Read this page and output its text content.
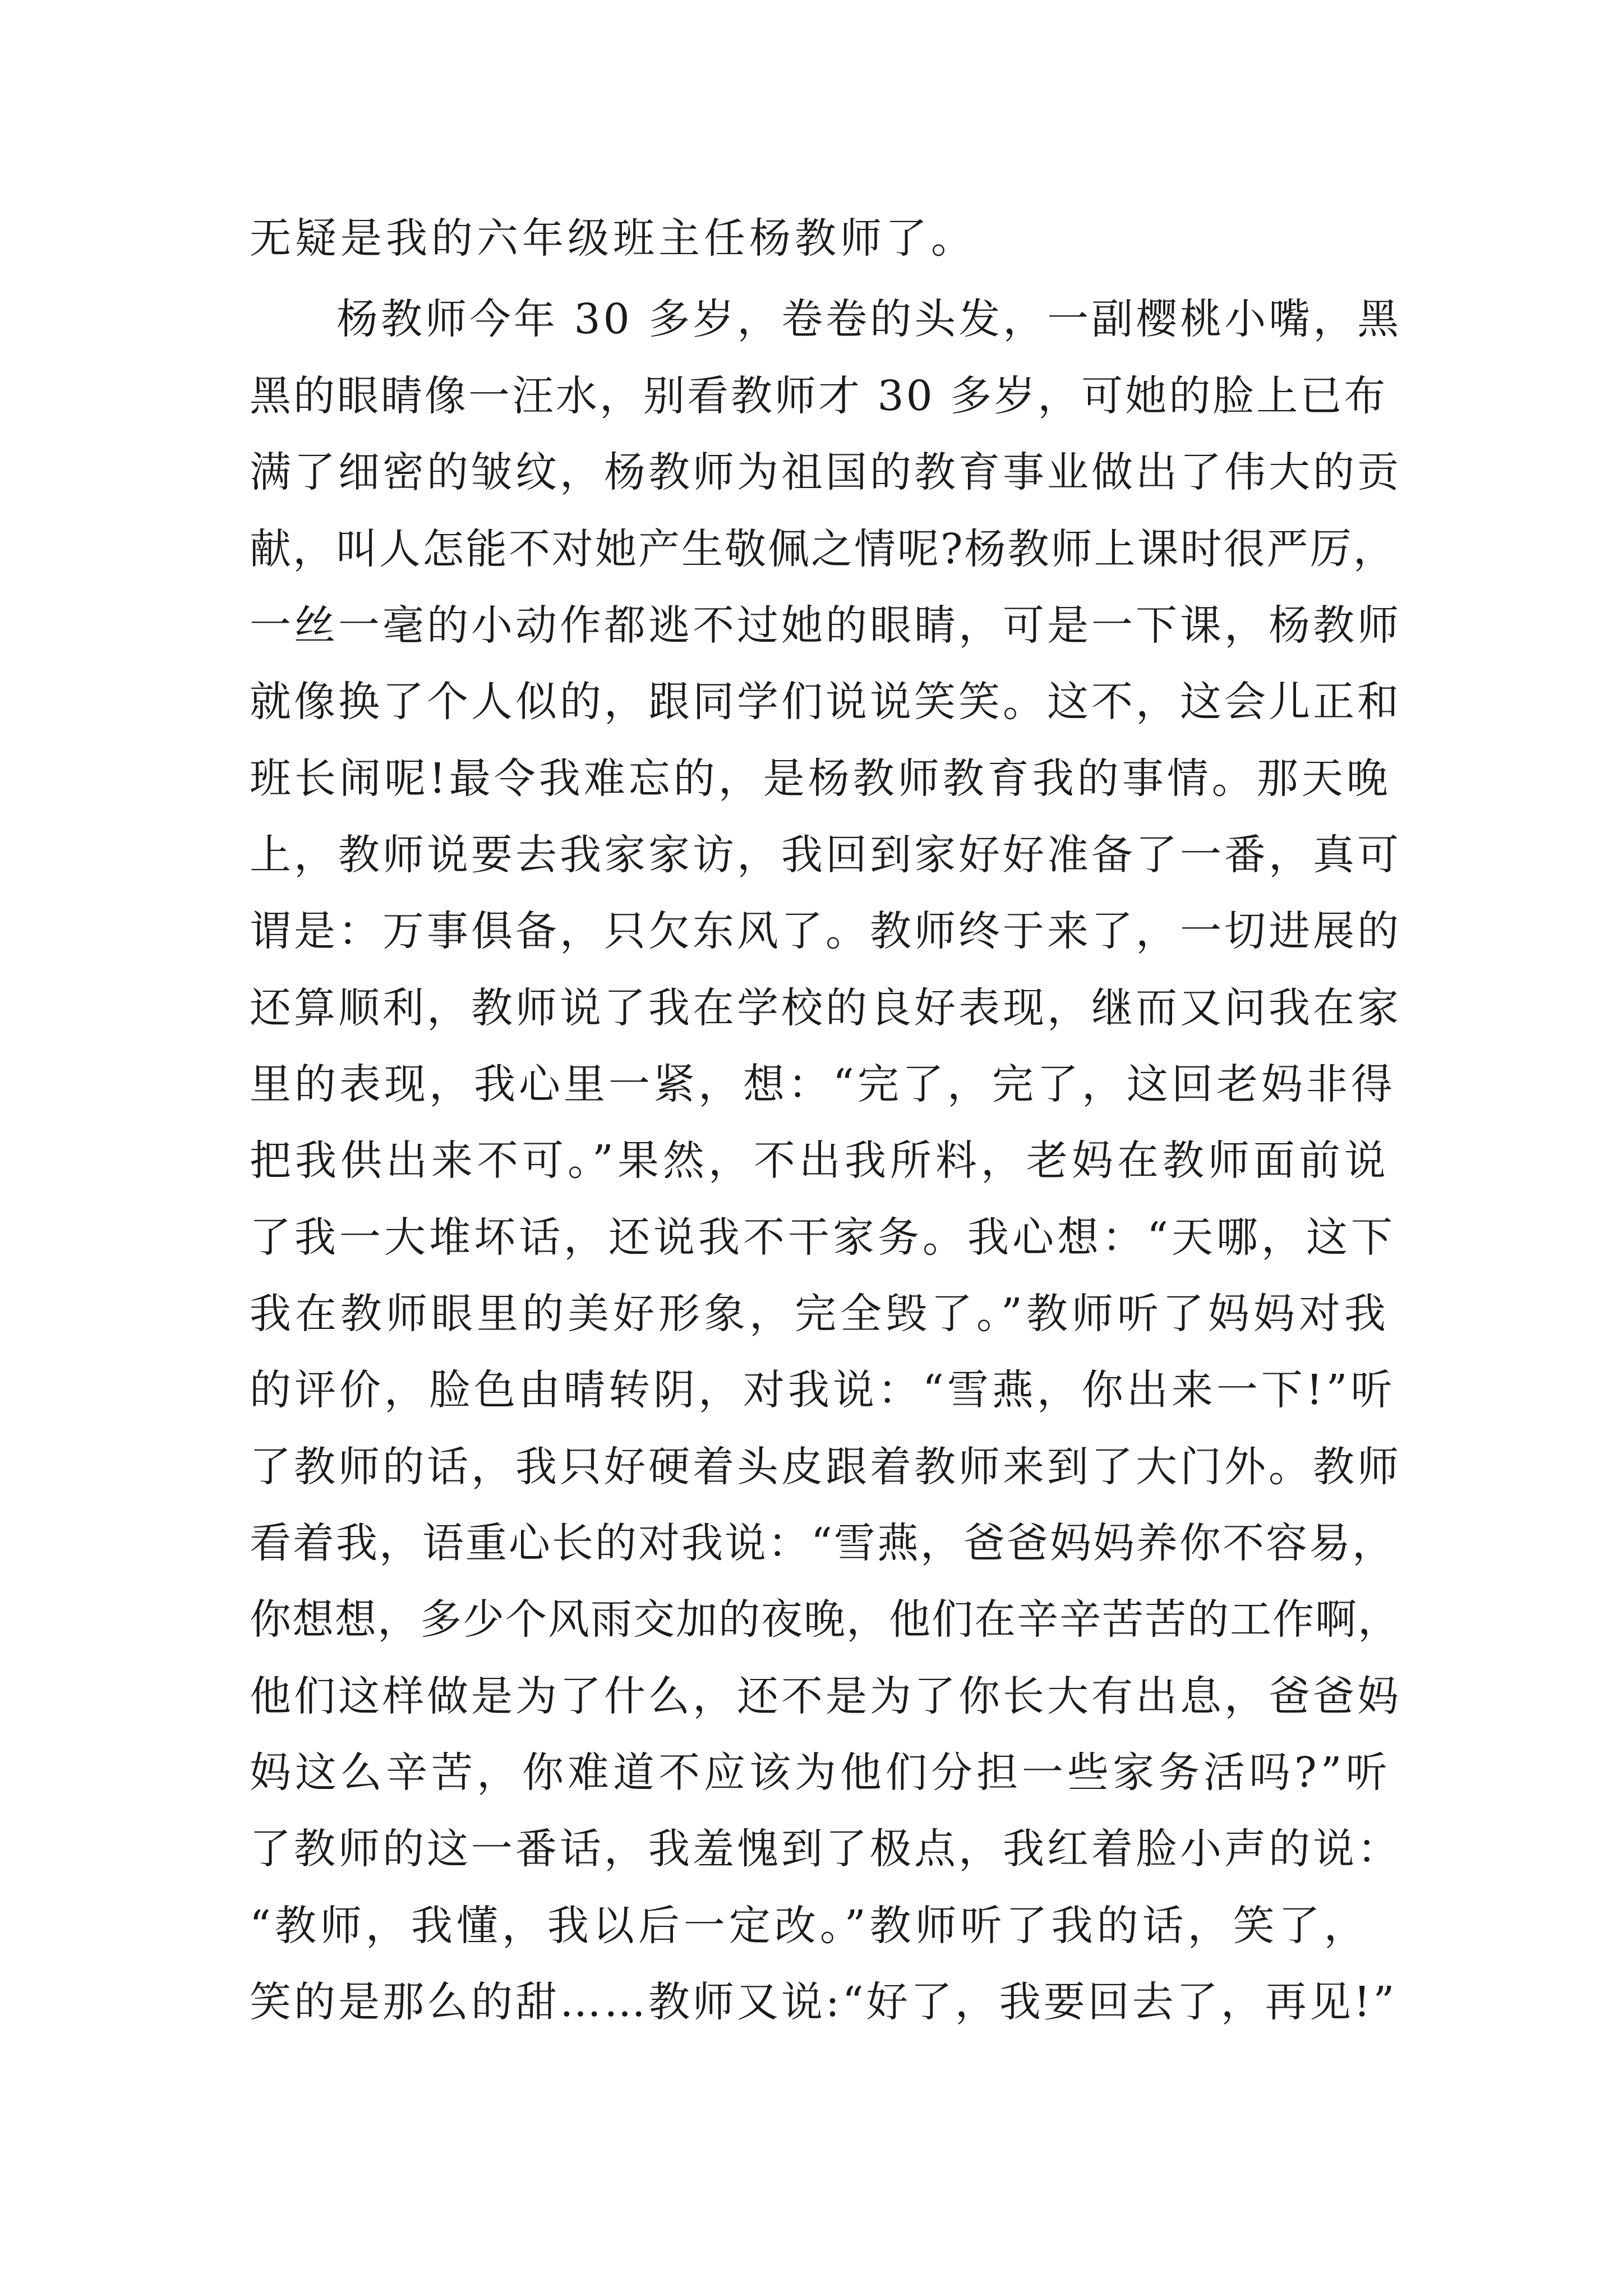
无疑是我的六年级班主任杨教师了。
杨教师今年 30 多岁，卷卷的头发，一副樱桃小嘴，黑
黑的眼睛像一汪水，别看教师才 30 多岁，可她的脸上已布
满了细密的皱纹，杨教师为祖国的教育事业做出了伟大的贡
献，叫人怎能不对她产生敬佩之情呢?杨教师上课时很严厉，
一丝一毫的小动作都逃不过她的眼睛，可是一下课，杨教师
就像换了个人似的，跟同学们说说笑笑。这不，这会儿正和
班长闹呢!最令我难忘的，是杨教师教育我的事情。那天晚
上，教师说要去我家家访，我回到家好好准备了一番，真可
谓是：万事俱备，只欠东风了。教师终于来了，一切进展的
还算顺利，教师说了我在学校的良好表现，继而又问我在家
里的表现，我心里一紧，想：“完了，完了，这回老妈非得
把我供出来不可。”果然，不出我所料，老妈在教师面前说
了我一大堆坏话，还说我不干家务。我心想：“天哪，这下
我在教师眼里的美好形象，完全毁了。”教师听了妈妈对我
的评价，脸色由晴转阴，对我说：“雪燕，你出来一下!”听
了教师的话，我只好硬着头皮跟着教师来到了大门外。教师
看着我，语重心长的对我说：“雪燕，爸爸妈妈养你不容易，
你想想，多少个风雨交加的夜晚，他们在辛辛苦苦的工作啊，
他们这样做是为了什么，还不是为了你长大有出息，爸爸妈
妈这么辛苦，你难道不应该为他们分担一些家务活吗?”听
了教师的这一番话，我羞愧到了极点，我红着脸小声的说：
“教师，我懂，我以后一定改。”教师听了我的话，笑了，
笑的是那么的甜……教师又说:“好了，我要回去了，再见!”
